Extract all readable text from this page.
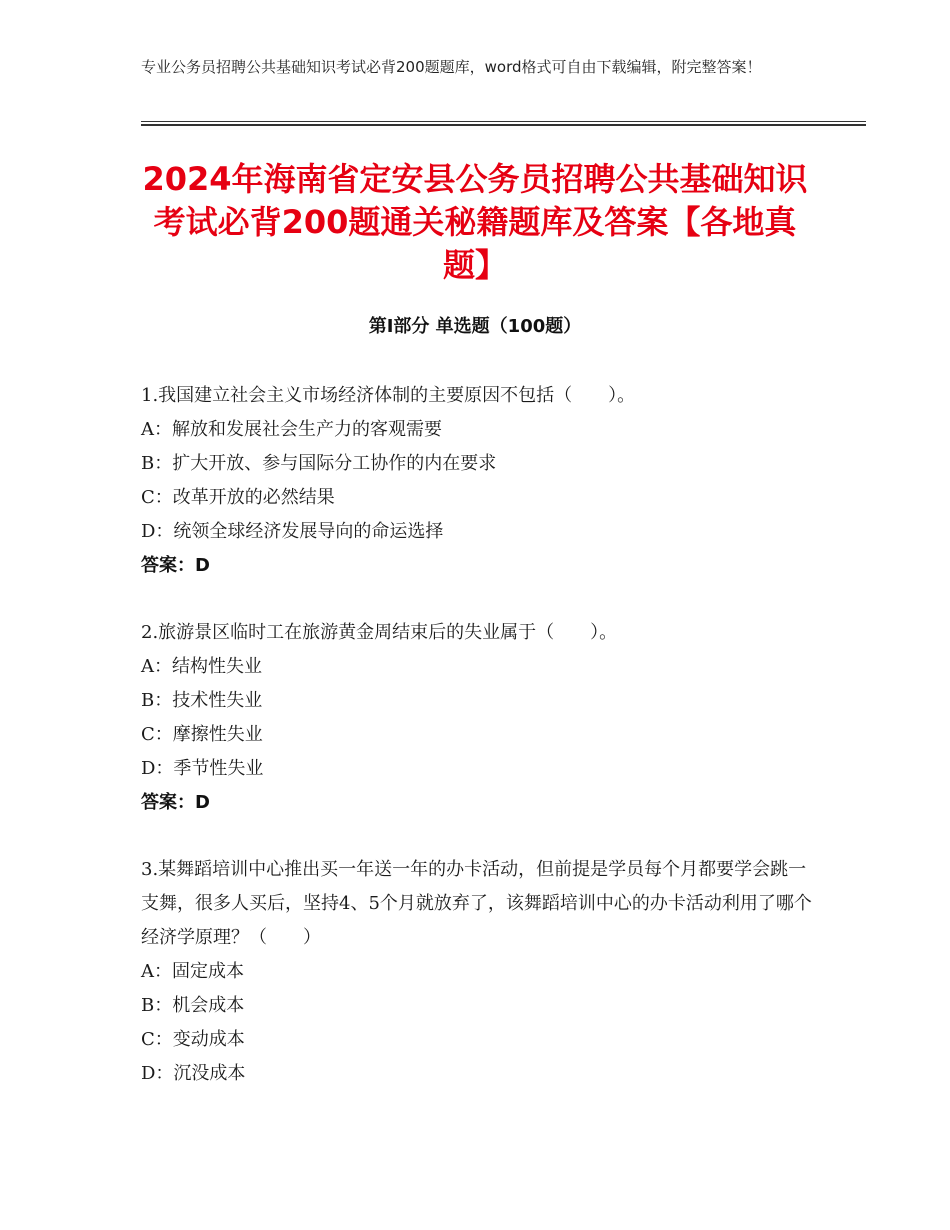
专业公务员招聘公共基础知识考试必背200题题库，word格式可自由下载编辑，附完整答案！
2024年海南省定安县公务员招聘公共基础知识考试必背200题通关秘籍题库及答案【各地真题】
第Ⅰ部分 单选题（100题）

1.我国建立社会主义市场经济体制的主要原因不包括（　　）。

A：解放和发展社会生产力的客观需要

B：扩大开放、参与国际分工协作的内在要求

C：改革开放的必然结果

D：统领全球经济发展导向的命运选择

答案：D

2.旅游景区临时工在旅游黄金周结束后的失业属于（　　）。

A：结构性失业

B：技术性失业

C：摩擦性失业

D：季节性失业

答案：D

3.某舞蹈培训中心推出买一年送一年的办卡活动，但前提是学员每个月都要学会跳一支舞，很多人买后，坚持4、5个月就放弃了，该舞蹈培训中心的办卡活动利用了哪个经济学原理？（　　）

A：固定成本

B：机会成本

C：变动成本

D：沉没成本
